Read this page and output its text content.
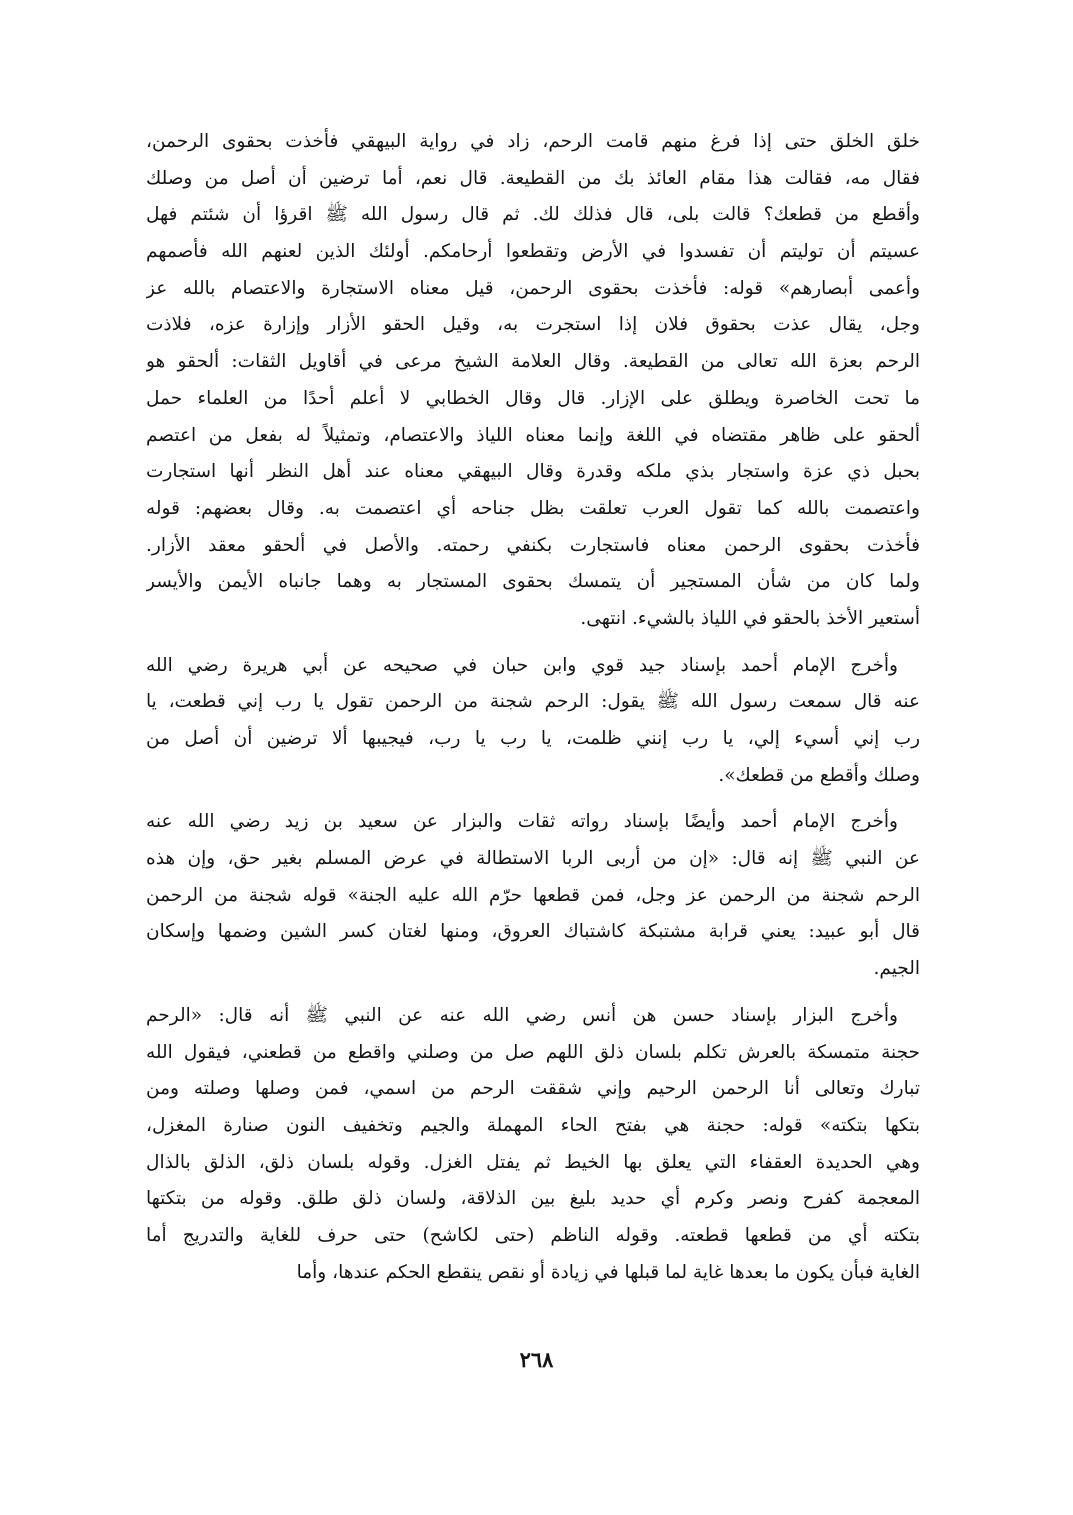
خلق الخلق حتى إذا فرغ منهم قامت الرحم، زاد في رواية البيهقي فأخذت بحقوى الرحمن،
فقال مه، فقالت هذا مقام العائذ بك من القطيعة. قال نعم، أما ترضين أن أصل من وصلك
وأقطع من قطعك؟ قالت بلى، قال فذلك لك. ثم قال رسول الله ﷺ اقرؤا أن شئتم فهل
عسيتم أن توليتم أن تفسدوا في الأرض وتقطعوا أرحامكم. أولئك الذين لعنهم الله فأصمهم
وأعمى أبصارهم» قوله: فأخذت بحقوى الرحمن، قيل معناه الاستجارة والاعتصام بالله عز
وجل، يقال عذت بحقوق فلان إذا استجرت به، وقيل الحقو الأزار وإزارة عزه، فلاذت
الرحم بعزة الله تعالى من القطيعة. وقال العلامة الشيخ مرعى في أقاويل الثقات: ألحقو هو
ما تحت الخاصرة ويطلق على الإزار. قال وقال الخطابي لا أعلم أحدًا من العلماء حمل
ألحقو على ظاهر مقتضاه في اللغة وإنما معناه اللياذ والاعتصام، وتمثيلاً له بفعل من اعتصم
بحبل ذي عزة واستجار بذي ملكه وقدرة وقال البيهقي معناه عند أهل النظر أنها استجارت
واعتصمت بالله كما تقول العرب تعلقت بظل جناحه أي اعتصمت به. وقال بعضهم: قوله
فأخذت بحقوى الرحمن معناه فاستجارت بكنفي رحمته. والأصل في ألحقو معقد الأزار.
ولما كان من شأن المستجير أن يتمسك بحقوى المستجار به وهما جانباه الأيمن والأيسر
أستعير الأخذ بالحقو في اللياذ بالشيء. انتهى.
وأخرج الإمام أحمد بإسناد جيد قوي وابن حبان في صحيحه عن أبي هريرة رضي الله
عنه قال سمعت رسول الله ﷺ يقول: الرحم شجنة من الرحمن تقول يا رب إني قطعت، يا
رب إني أسيء إلي، يا رب إنني ظلمت، يا رب يا رب، فيجيبها ألا ترضين أن أصل من
وصلك وأقطع من قطعك».
وأخرج الإمام أحمد وأيضًا بإسناد رواته ثقات والبزار عن سعيد بن زيد رضي الله عنه
عن النبي ﷺ إنه قال: «إن من أربى الربا الاستطالة في عرض المسلم بغير حق، وإن هذه
الرحم شجنة من الرحمن عز وجل، فمن قطعها حرّم الله عليه الجنة» قوله شجنة من الرحمن
قال أبو عبيد: يعني قرابة مشتبكة كاشتباك العروق، ومنها لغتان كسر الشين وضمها وإسكان
الجيم.
وأخرج البزار بإسناد حسن هن أنس رضي الله عنه عن النبي ﷺ أنه قال: «الرحم
حجنة متمسكة بالعرش تكلم بلسان ذلق اللهم صل من وصلني واقطع من قطعني، فيقول الله
تبارك وتعالى أنا الرحمن الرحيم وإني شققت الرحم من اسمي، فمن وصلها وصلته ومن
بتكها بتكته» قوله: حجنة هي بفتح الحاء المهملة والجيم وتخفيف النون صنارة المغزل،
وهي الحديدة العقفاء التي يعلق بها الخيط ثم يفتل الغزل. وقوله بلسان ذلق، الذلق بالذال
المعجمة كفرح ونصر وكرم أي حديد بليغ بين الذلاقة، ولسان ذلق طلق. وقوله من بتكتها
بتكته أي من قطعها قطعته. وقوله الناظم (حتى لكاشح) حتى حرف للغاية والتدريج أما
الغاية فبأن يكون ما بعدها غاية لما قبلها في زيادة أو نقص ينقطع الحكم عندها، وأما
٢٦٨
